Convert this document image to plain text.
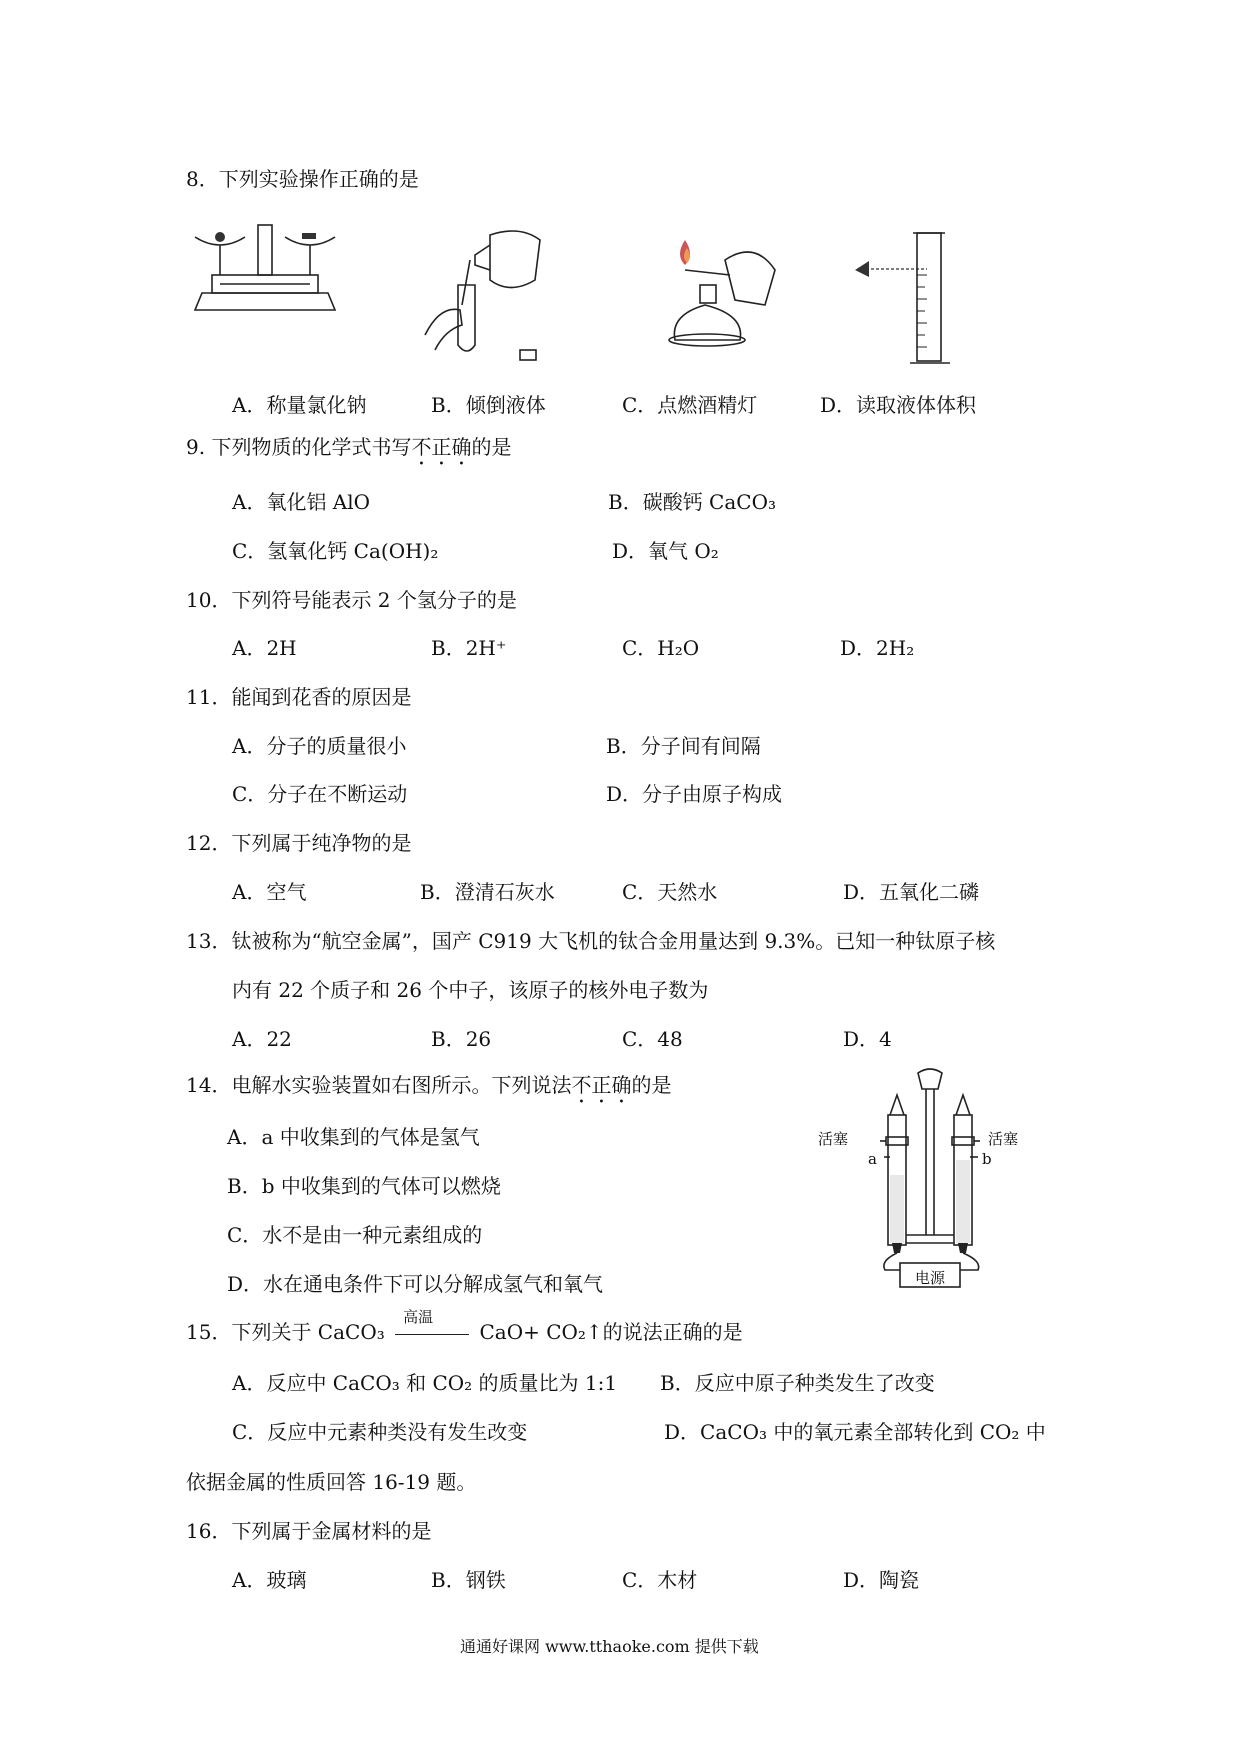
8．下列实验操作正确的是
A．称量氯化钠	B．倾倒液体	C．点燃酒精灯	D．读取液体体积
9. 下列物质的化学式书写不正确的是
A．氧化铝 AlO	B．碳酸钙 CaCO₃
C．氢氧化钙 Ca(OH)₂	D．氧气 O₂
10．下列符号能表示 2 个氢分子的是
A．2H	B．2H⁺	C．H₂O	D．2H₂
11．能闻到花香的原因是
A．分子的质量很小	B．分子间有间隔
C．分子在不断运动	D．分子由原子构成
12．下列属于纯净物的是
A．空气	B．澄清石灰水	C．天然水	D．五氧化二磷
13．钛被称为“航空金属”，国产 C919 大飞机的钛合金用量达到 9.3%。已知一种钛原子核
内有 22 个质子和 26 个中子，该原子的核外电子数为
A．22	B．26	C．48	D．4
14．电解水实验装置如右图所示。下列说法不正确的是
A．a 中收集到的气体是氢气
B．b 中收集到的气体可以燃烧
C．水不是由一种元素组成的
D．水在通电条件下可以分解成氢气和氧气
活塞	活塞
a	b
电源
15．下列关于 CaCO₃
高温
CaO+ CO₂↑的说法正确的是
A．反应中 CaCO₃ 和 CO₂ 的质量比为 1:1 B．反应中原子种类发生了改变
C．反应中元素种类没有发生改变	D．CaCO₃ 中的氧元素全部转化到 CO₂ 中
依据金属的性质回答 16-19 题。
16．下列属于金属材料的是
A．玻璃	B．钢铁	C．木材	D．陶瓷
通通好课网 www.tthaoke.com 提供下载
